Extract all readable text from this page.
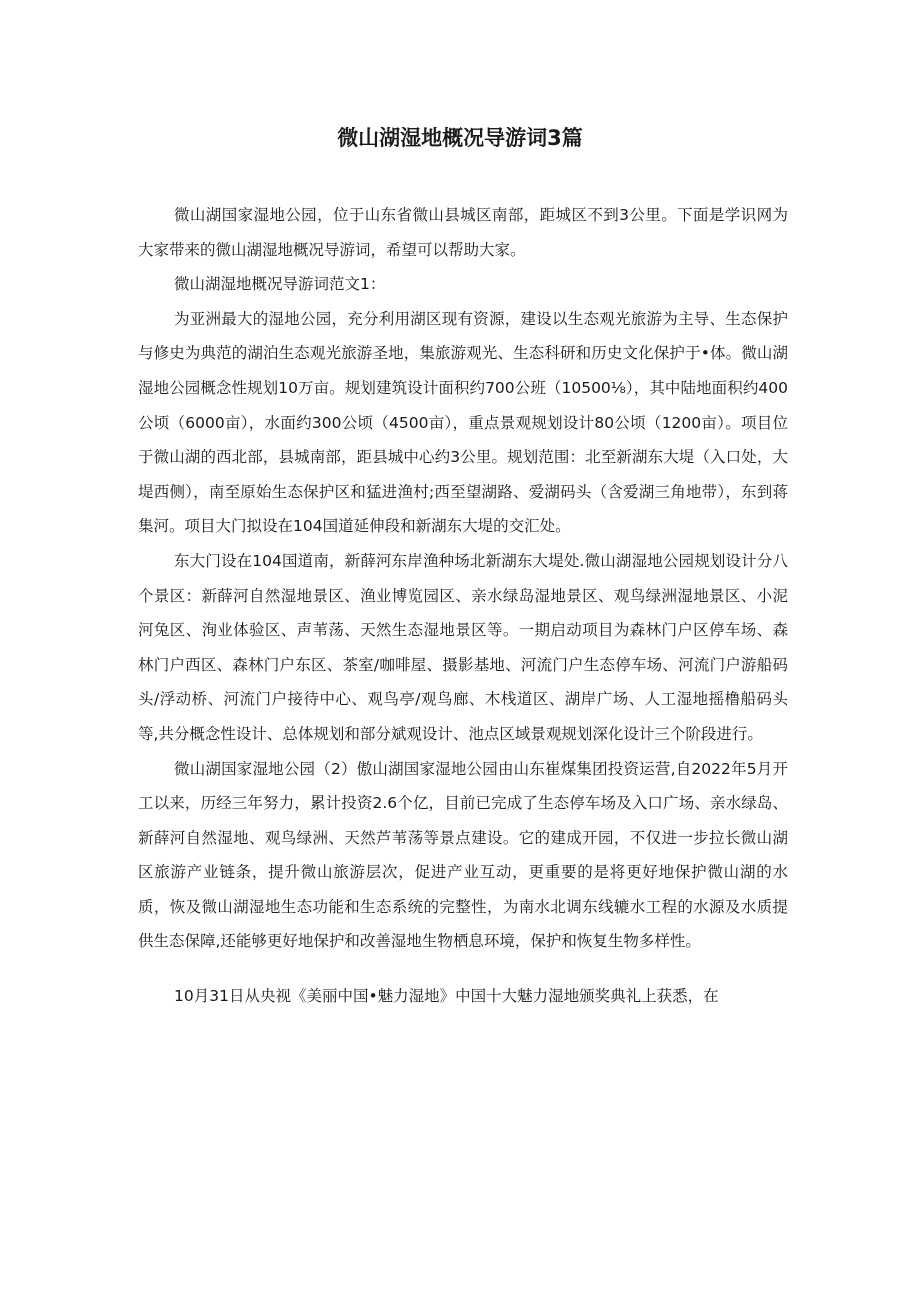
微山湖湿地概况导游词3篇

微山湖国家湿地公园，位于山东省微山县城区南部，距城区不到3公里。下面是学识网为大家带来的微山湖湿地概况导游词，希望可以帮助大家。

微山湖湿地概况导游词范文1：

为亚洲最大的湿地公园，充分利用湖区现有资源，建设以生态观光旅游为主导、生态保护与修史为典范的湖泊生态观光旅游圣地，集旅游观光、生态科研和历史文化保护于•体。微山湖湿地公园概念性规划10万亩。规划建筑设计面积约700公班（10500⅛），其中陆地面积约400公顷（6000亩），水面约300公顷（4500亩），重点景观规划设计80公顷（1200亩）。项目位于微山湖的西北部，县城南部，距县城中心约3公里。规划范围：北至新湖东大堤（入口处，大堤西侧），南至原始生态保护区和猛进渔村;西至望湖路、爱湖码头（含爱湖三角地带），东到蒋集河。项目大门拟设在104国道延伸段和新湖东大堤的交汇处。

东大门设在104国道南，新薛河东岸渔种场北新湖东大堤处.微山湖湿地公园规划设计分八个景区：新薛河自然湿地景区、渔业博览园区、亲水绿岛湿地景区、观鸟绿洲湿地景区、小泥河兔区、洵业体验区、声苇荡、天然生态湿地景区等。一期启动项目为森林门户区停车场、森林门户西区、森林门户东区、茶室/咖啡屋、摄影基地、河流门户生态停车场、河流门户游船码头/浮动桥、河流门户接待中心、观鸟亭/观鸟廊、木栈道区、湖岸广场、人工湿地摇橹船码头等,共分概念性设计、总体规划和部分斌观设计、池点区域景观规划深化设计三个阶段进行。

微山湖国家湿地公园（2）傲山湖国家湿地公园由山东崔煤集团投资运营,自2022年5月开工以来，历经三年努力，累计投资2.6个亿，目前已完成了生态停车场及入口广场、亲水绿岛、新薛河自然湿地、观鸟绿洲、天然芦苇荡等景点建设。它的建成开园，不仅进一步拉长微山湖区旅游产业链条，提升微山旅游层次，促进产业互动，更重要的是将更好地保护微山湖的水质，恢及微山湖湿地生态功能和生态系统的完整性，为南水北调东线辘水工程的水源及水质提供生态保障,还能够更好地保护和改善湿地生物栖息环境，保护和恢复生物多样性。

10月31日从央视《美丽中国•魅力湿地》中国十大魅力湿地颁奖典礼上获悉，在
